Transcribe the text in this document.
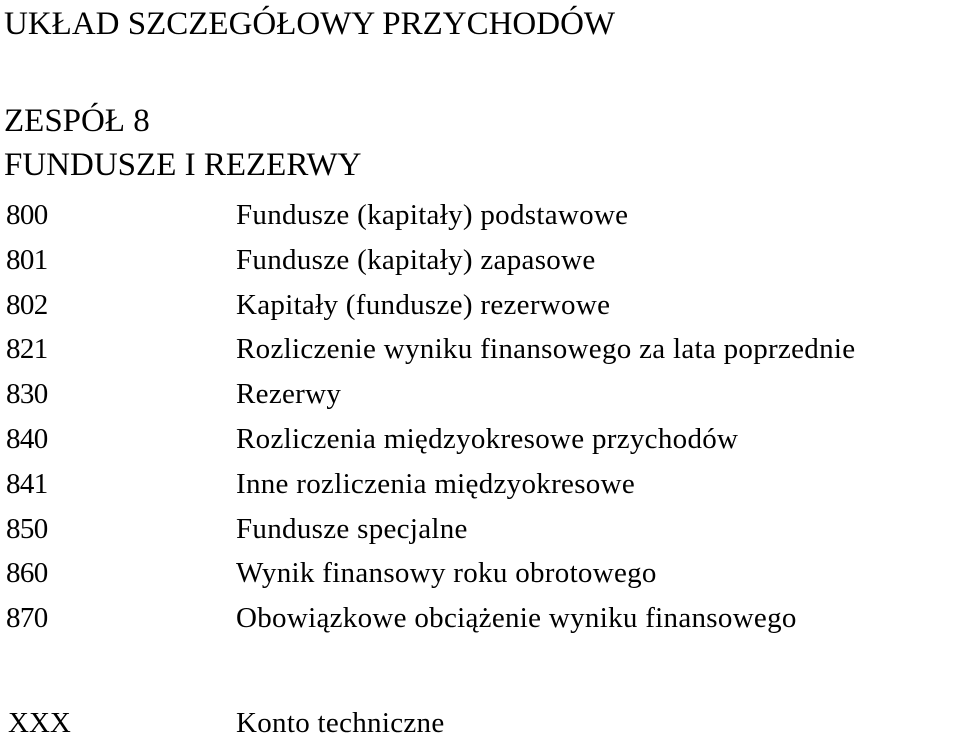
UKŁAD SZCZEGÓŁOWY PRZYCHODÓW
ZESPÓŁ 8
FUNDUSZE I REZERWY
800	Fundusze (kapitały) podstawowe
801	Fundusze (kapitały) zapasowe
802	Kapitały (fundusze) rezerwowe
821	Rozliczenie wyniku finansowego za lata poprzednie
830	Rezerwy
840	Rozliczenia międzyokresowe przychodów
841	Inne rozliczenia międzyokresowe
850	Fundusze specjalne
860	Wynik finansowy roku obrotowego
870	Obowiązkowe obciążenie wyniku finansowego
XXX	Konto techniczne
